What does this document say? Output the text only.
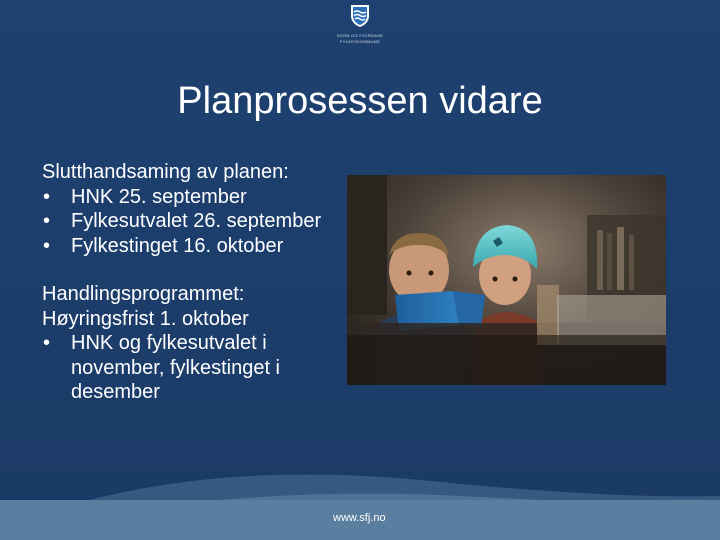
SOGN OG FJORDANE
FYLKESKOMMUNE
Planprosessen vidare
Slutthandsaming av planen:
• HNK 25. september
• Fylkesutvalet 26. september
• Fylkestinget 16. oktober
Handlingsprogrammet:
Høyringsfrist 1. oktober
• HNK og fylkesutvalet i november, fylkestinget i desember
www.sfj.no
